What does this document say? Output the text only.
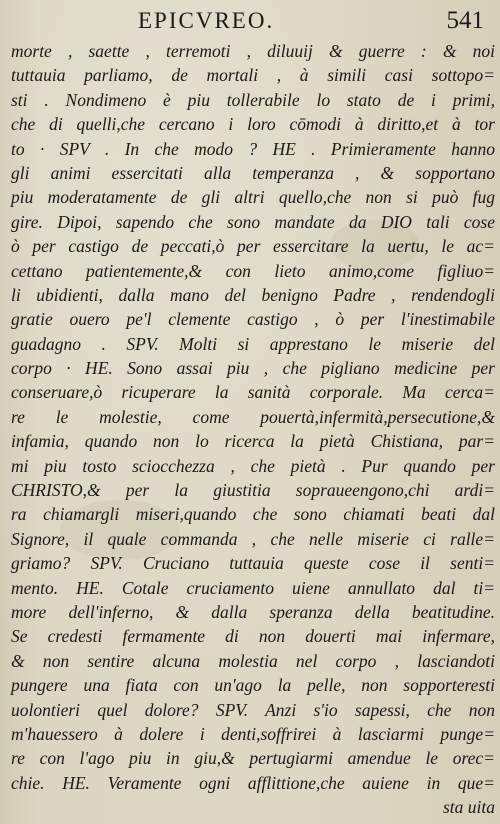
EPICVREO.	541
morte , saette , terremoti , diluuij & guerre : & noi
tuttauia parliamo, de mortali , à simili casi sottopo=
sti . Nondimeno è piu tollerabile lo stato de i primi,
che di quelli,che cercano i loro cōmodi à diritto,et à tor
to · SPV . In che modo ? HE . Primieramente hanno
gli animi essercitati alla temperanza , & sopportano
piu moderatamente de gli altri quello,che non si può fug
gire. Dipoi, sapendo che sono mandate da DIO tali cose
ò per castigo de peccati,ò per essercitare la uertu, le ac=
cettano patientemente,& con lieto animo,come figliuo=
li ubidienti, dalla mano del benigno Padre , rendendogli
gratie ouero pe'l clemente castigo , ò per l'inestimabile
guadagno . SPV. Molti si apprestano le miserie del
corpo · HE. Sono assai piu , che pigliano medicine per
conseruare,ò ricuperare la sanità corporale. Ma cerca=
re le molestie, come pouertà,infermità,persecutione,&
infamia, quando non lo ricerca la pietà Chistiana, par=
mi piu tosto sciocchezza , che pietà . Pur quando per
CHRISTO,& per la giustitia sopraueengono,chi ardi=
ra chiamargli miseri,quando che sono chiamati beati dal
Signore, il quale commanda , che nelle miserie ci ralle=
griamo? SPV. Cruciano tuttauia queste cose il senti=
mento. HE. Cotale cruciamento uiene annullato dal ti=
more dell'inferno, & dalla speranza della beatitudine.
Se credesti fermamente di non douerti mai infermare,
& non sentire alcuna molestia nel corpo , lasciandoti
pungere una fiata con un'ago la pelle, non sopporteresti
uolontieri quel dolore? SPV. Anzi s'io sapessi, che non
m'hauessero à dolere i denti,soffrirei à lasciarmi punge=
re con l'ago piu in giu,& pertugiarmi amendue le orec=
chie. HE. Veramente ogni afflittione,che auiene in que=
sta uita
